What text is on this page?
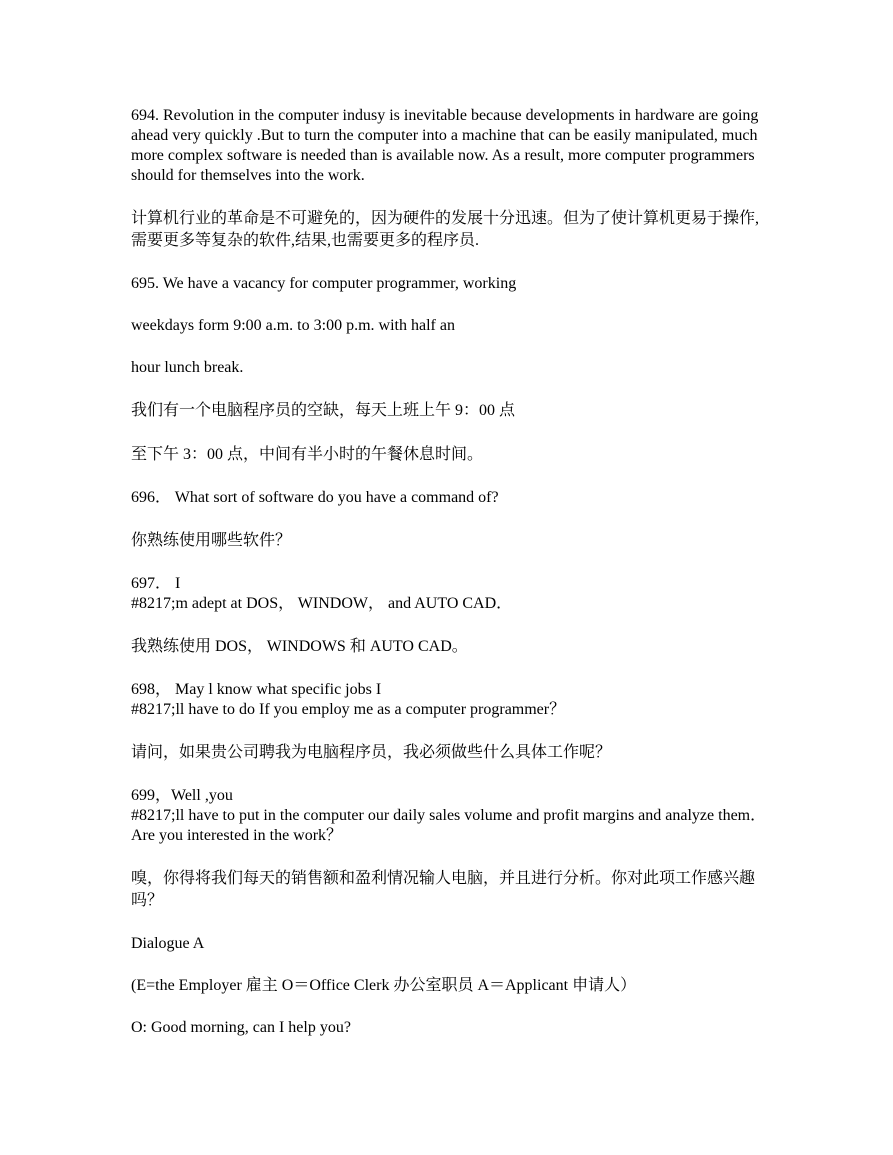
694. Revolution in the computer indusy is inevitable because developments in hardware are going ahead very quickly .But to turn the computer into a machine that can be easily manipulated, much more complex software is needed than is available now. As a result, more computer programmers should for themselves into the work.

计算机行业的革命是不可避免的，因为硬件的发展十分迅速。但为了使计算机更易于操作,需要更多等复杂的软件,结果,也需要更多的程序员.

695. We have a vacancy for computer programmer, working

weekdays form 9:00 a.m. to 3:00 p.m. with half an

hour lunch break.

我们有一个电脑程序员的空缺，每天上班上午 9：00 点

至下午 3：00 点，中间有半小时的午餐休息时间。

696． What sort of software do you have a command of?

你熟练使用哪些软件？

697． I
#8217;m adept at DOS， WINDOW， and AUTO CAD．

我熟练使用 DOS， WINDOWS 和 AUTO CAD。

698， May l know what specific jobs I
#8217;ll have to do If you employ me as a computer programmer？

请问，如果贵公司聘我为电脑程序员，我必须做些什么具体工作呢？

699，Well ,you
#8217;ll have to put in the computer our daily sales volume and profit margins and analyze them．Are you interested in the work？

嗅，你得将我们每天的销售额和盈利情况输人电脑，并且进行分析。你对此项工作感兴趣吗？

Dialogue A

(E=the Employer 雇主 O＝Office Clerk 办公室职员 A＝Applicant 申请人）

O: Good morning, can I help you?
